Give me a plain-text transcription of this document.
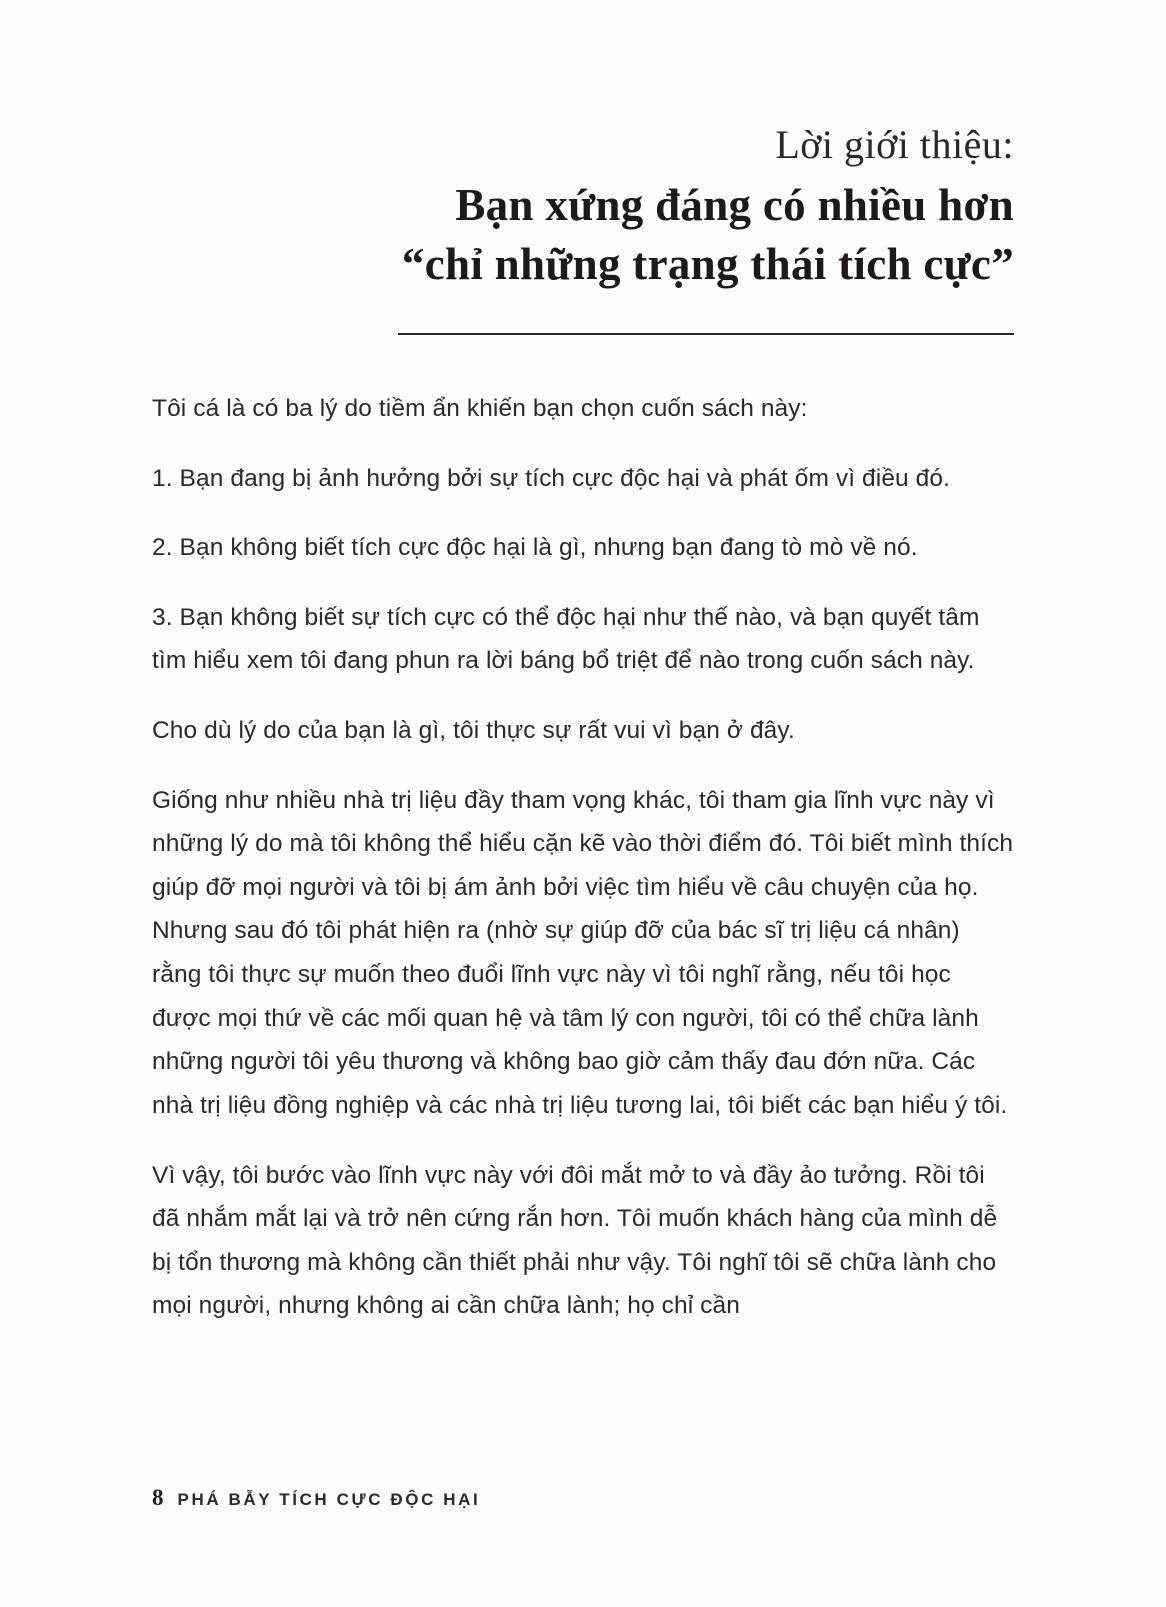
Lời giới thiệu:

Bạn xứng đáng có nhiều hơn

“chỉ những trạng thái tích cực”

Tôi cá là có ba lý do tiềm ẩn khiến bạn chọn cuốn sách này:

1. Bạn đang bị ảnh hưởng bởi sự tích cực độc hại và phát ốm vì điều đó.

2. Bạn không biết tích cực độc hại là gì, nhưng bạn đang tò mò về nó.

3. Bạn không biết sự tích cực có thể độc hại như thế nào, và bạn quyết tâm tìm hiểu xem tôi đang phun ra lời báng bổ triệt để nào trong cuốn sách này.

Cho dù lý do của bạn là gì, tôi thực sự rất vui vì bạn ở đây.

Giống như nhiều nhà trị liệu đầy tham vọng khác, tôi tham gia lĩnh vực này vì những lý do mà tôi không thể hiểu cặn kẽ vào thời điểm đó. Tôi biết mình thích giúp đỡ mọi người và tôi bị ám ảnh bởi việc tìm hiểu về câu chuyện của họ. Nhưng sau đó tôi phát hiện ra (nhờ sự giúp đỡ của bác sĩ trị liệu cá nhân) rằng tôi thực sự muốn theo đuổi lĩnh vực này vì tôi nghĩ rằng, nếu tôi học được mọi thứ về các mối quan hệ và tâm lý con người, tôi có thể chữa lành những người tôi yêu thương và không bao giờ cảm thấy đau đớn nữa. Các nhà trị liệu đồng nghiệp và các nhà trị liệu tương lai, tôi biết các bạn hiểu ý tôi.

Vì vậy, tôi bước vào lĩnh vực này với đôi mắt mở to và đầy ảo tưởng. Rồi tôi đã nhắm mắt lại và trở nên cứng rắn hơn. Tôi muốn khách hàng của mình dễ bị tổn thương mà không cần thiết phải như vậy. Tôi nghĩ tôi sẽ chữa lành cho mọi người, nhưng không ai cần chữa lành; họ chỉ cần

8 PHÁ BẪY TÍCH CỰC ĐỘC HẠI
